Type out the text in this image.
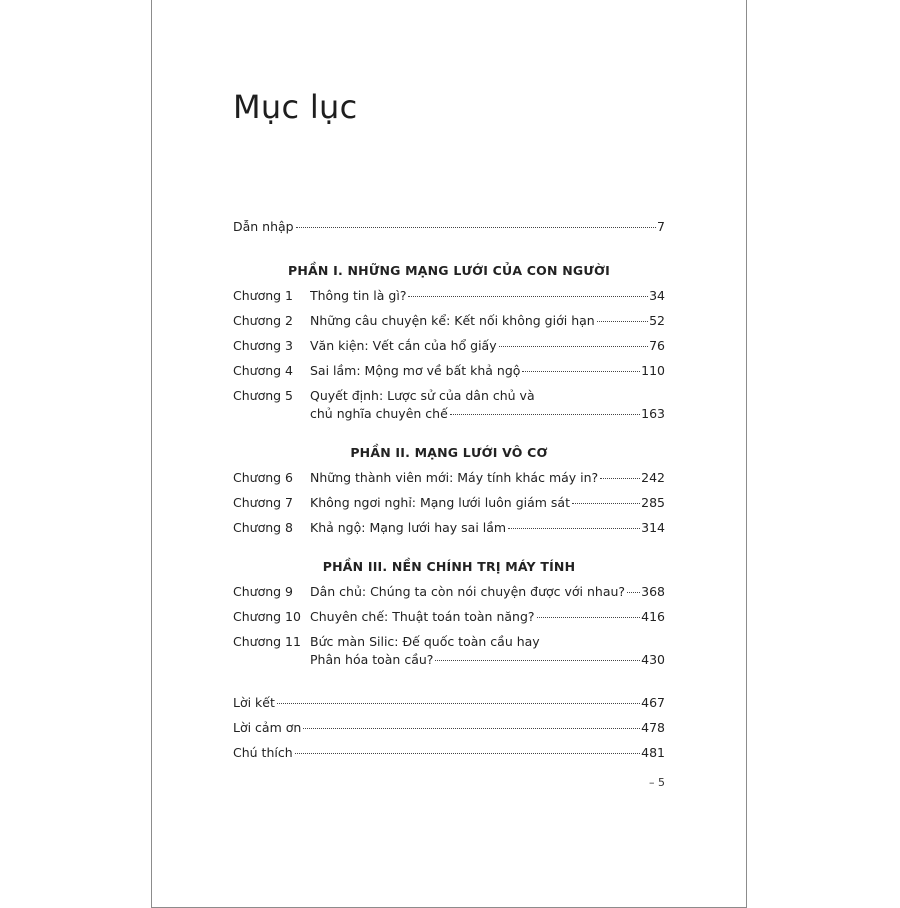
Mục lục
Dẫn nhập	7
PHẦN I. NHỮNG MẠNG LƯỚI CỦA CON NGƯỜI
Chương 1 Thông tin là gì?	34
Chương 2 Những câu chuyện kể: Kết nối không giới hạn	52
Chương 3 Văn kiện: Vết cắn của hổ giấy	76
Chương 4 Sai lầm: Mộng mơ về bất khả ngộ	110
Chương 5 Quyết định: Lược sử của dân chủ và
chủ nghĩa chuyên chế	163
PHẦN II. MẠNG LƯỚI VÔ CƠ
Chương 6 Những thành viên mới: Máy tính khác máy in?	242
Chương 7 Không ngơi nghỉ: Mạng lưới luôn giám sát	285
Chương 8 Khả ngộ: Mạng lưới hay sai lầm	314
PHẦN III. NỀN CHÍNH TRỊ MÁY TÍNH
Chương 9 Dân chủ: Chúng ta còn nói chuyện được với nhau? 368
Chương 10 Chuyên chế: Thuật toán toàn năng?	416
Chương 11 Bức màn Silic: Đế quốc toàn cầu hay
Phân hóa toàn cầu?	430
Lời kết	467
Lời cảm ơn	478
Chú thích	481
– 5
